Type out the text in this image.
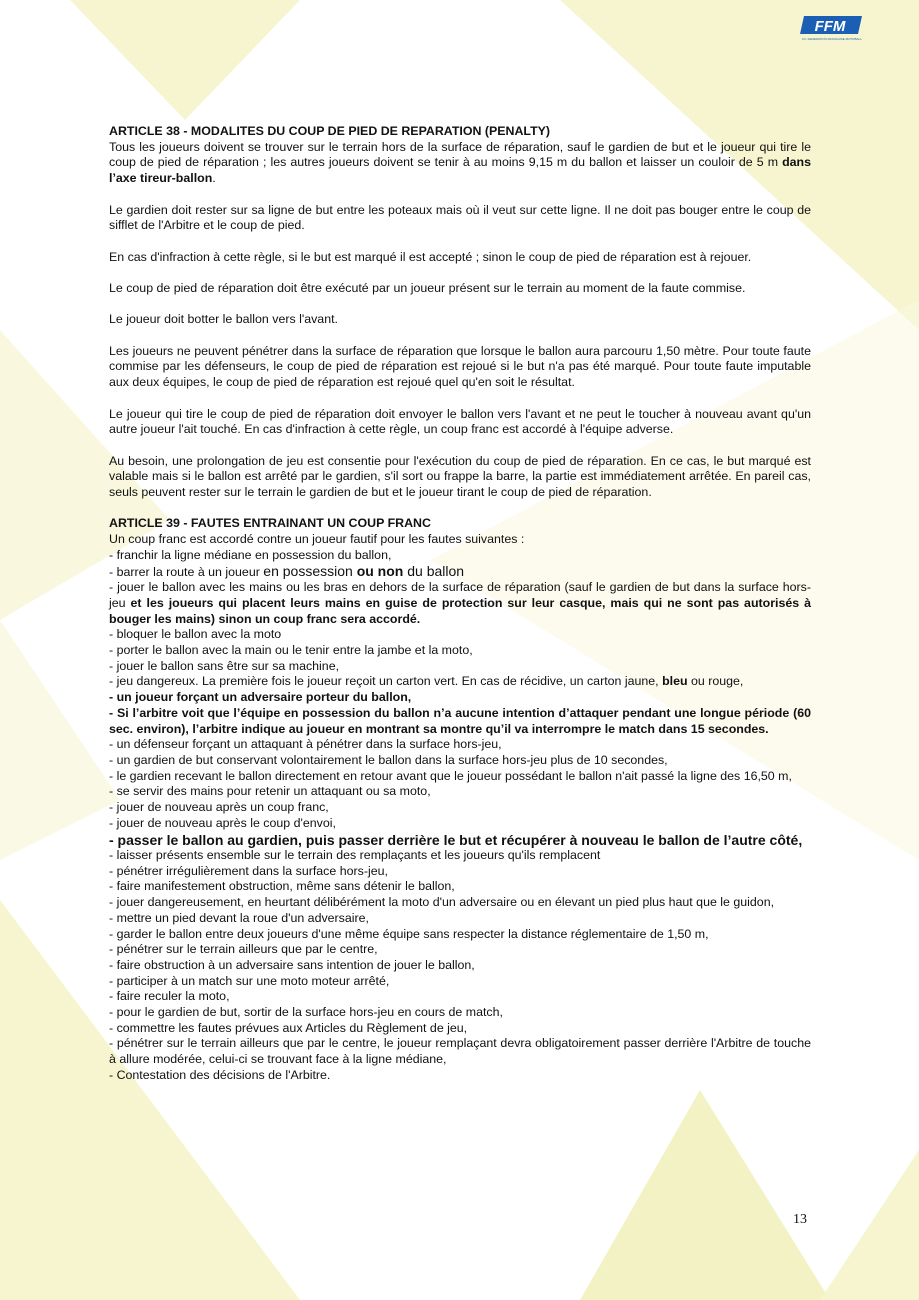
FFM
F.F. FEDERATION FRANCAISE MOTOBALL

ARTICLE 38 - MODALITES DU COUP DE PIED DE REPARATION (PENALTY)

Tous les joueurs doivent se trouver sur le terrain hors de la surface de réparation, sauf le gardien de but et le joueur qui tire le coup de pied de réparation ; les autres joueurs doivent se tenir à au moins 9,15 m du ballon et laisser un couloir de 5 m dans l’axe tireur-ballon.

Le gardien doit rester sur sa ligne de but entre les poteaux mais où il veut sur cette ligne. Il ne doit pas bouger entre le coup de sifflet de l'Arbitre et le coup de pied.

En cas d'infraction à cette règle, si le but est marqué il est accepté ; sinon le coup de pied de réparation est à rejouer.

Le coup de pied de réparation doit être exécuté par un joueur présent sur le terrain au moment de la faute commise.

Le joueur doit botter le ballon vers l'avant.

Les joueurs ne peuvent pénétrer dans la surface de réparation que lorsque le ballon aura parcouru 1,50 mètre. Pour toute faute commise par les défenseurs, le coup de pied de réparation est rejoué si le but n'a pas été marqué. Pour toute faute imputable aux deux équipes, le coup de pied de réparation est rejoué quel qu'en soit le résultat.

Le joueur qui tire le coup de pied de réparation doit envoyer le ballon vers l'avant et ne peut le toucher à nouveau avant qu'un autre joueur l'ait touché. En cas d'infraction à cette règle, un coup franc est accordé à l'équipe adverse.

Au besoin, une prolongation de jeu est consentie pour l'exécution du coup de pied de réparation. En ce cas, le but marqué est valable mais si le ballon est arrêté par le gardien, s'il sort ou frappe la barre, la partie est immédiatement arrêtée. En pareil cas, seuls peuvent rester sur le terrain le gardien de but et le joueur tirant le coup de pied de réparation.

ARTICLE 39 - FAUTES ENTRAINANT UN COUP FRANC

Un coup franc est accordé contre un joueur fautif pour les fautes suivantes :

- franchir la ligne médiane en possession du ballon,

- barrer la route à un joueur en possession ou non du ballon

- jouer le ballon avec les mains ou les bras en dehors de la surface de réparation (sauf le gardien de but dans la surface hors-jeu et les joueurs qui placent leurs mains en guise de protection sur leur casque, mais qui ne sont pas autorisés à bouger les mains) sinon un coup franc sera accordé.

- bloquer le ballon avec la moto

- porter le ballon avec la main ou le tenir entre la jambe et la moto,

- jouer le ballon sans être sur sa machine,

- jeu dangereux. La première fois le joueur reçoit un carton vert. En cas de récidive, un carton jaune, bleu ou rouge,

- un joueur forçant un adversaire porteur du ballon,

- Si l’arbitre voit que l’équipe en possession du ballon n’a aucune intention d’attaquer pendant une longue période (60 sec. environ), l’arbitre indique au joueur en montrant sa montre qu’il va interrompre le match dans 15 secondes.

- un défenseur forçant un attaquant à pénétrer dans la surface hors-jeu,

- un gardien de but conservant volontairement le ballon dans la surface hors-jeu plus de 10 secondes,

- le gardien recevant le ballon directement en retour avant que le joueur possédant le ballon n'ait passé la ligne des 16,50 m,

- se servir des mains pour retenir un attaquant ou sa moto,

- jouer de nouveau après un coup franc,

- jouer de nouveau après le coup d'envoi,

- passer le ballon au gardien, puis passer derrière le but et récupérer à nouveau le ballon de l’autre côté,

- laisser présents ensemble sur le terrain des remplaçants et les joueurs qu'ils remplacent

- pénétrer irrégulièrement dans la surface hors-jeu,

- faire manifestement obstruction, même sans détenir le ballon,

- jouer dangereusement, en heurtant délibérément la moto d'un adversaire ou en élevant un pied plus haut que le guidon,

- mettre un pied devant la roue d'un adversaire,

- garder le ballon entre deux joueurs d'une même équipe sans respecter la distance réglementaire de 1,50 m,

- pénétrer sur le terrain ailleurs que par le centre,

- faire obstruction à un adversaire sans intention de jouer le ballon,

- participer à un match sur une moto moteur arrêté,

- faire reculer la moto,

- pour le gardien de but, sortir de la surface hors-jeu en cours de match,

- commettre les fautes prévues aux Articles du Règlement de jeu,

- pénétrer sur le terrain ailleurs que par le centre, le joueur remplaçant devra obligatoirement passer derrière l'Arbitre de touche à allure modérée, celui-ci se trouvant face à la ligne médiane,

- Contestation des décisions de l'Arbitre.

13
